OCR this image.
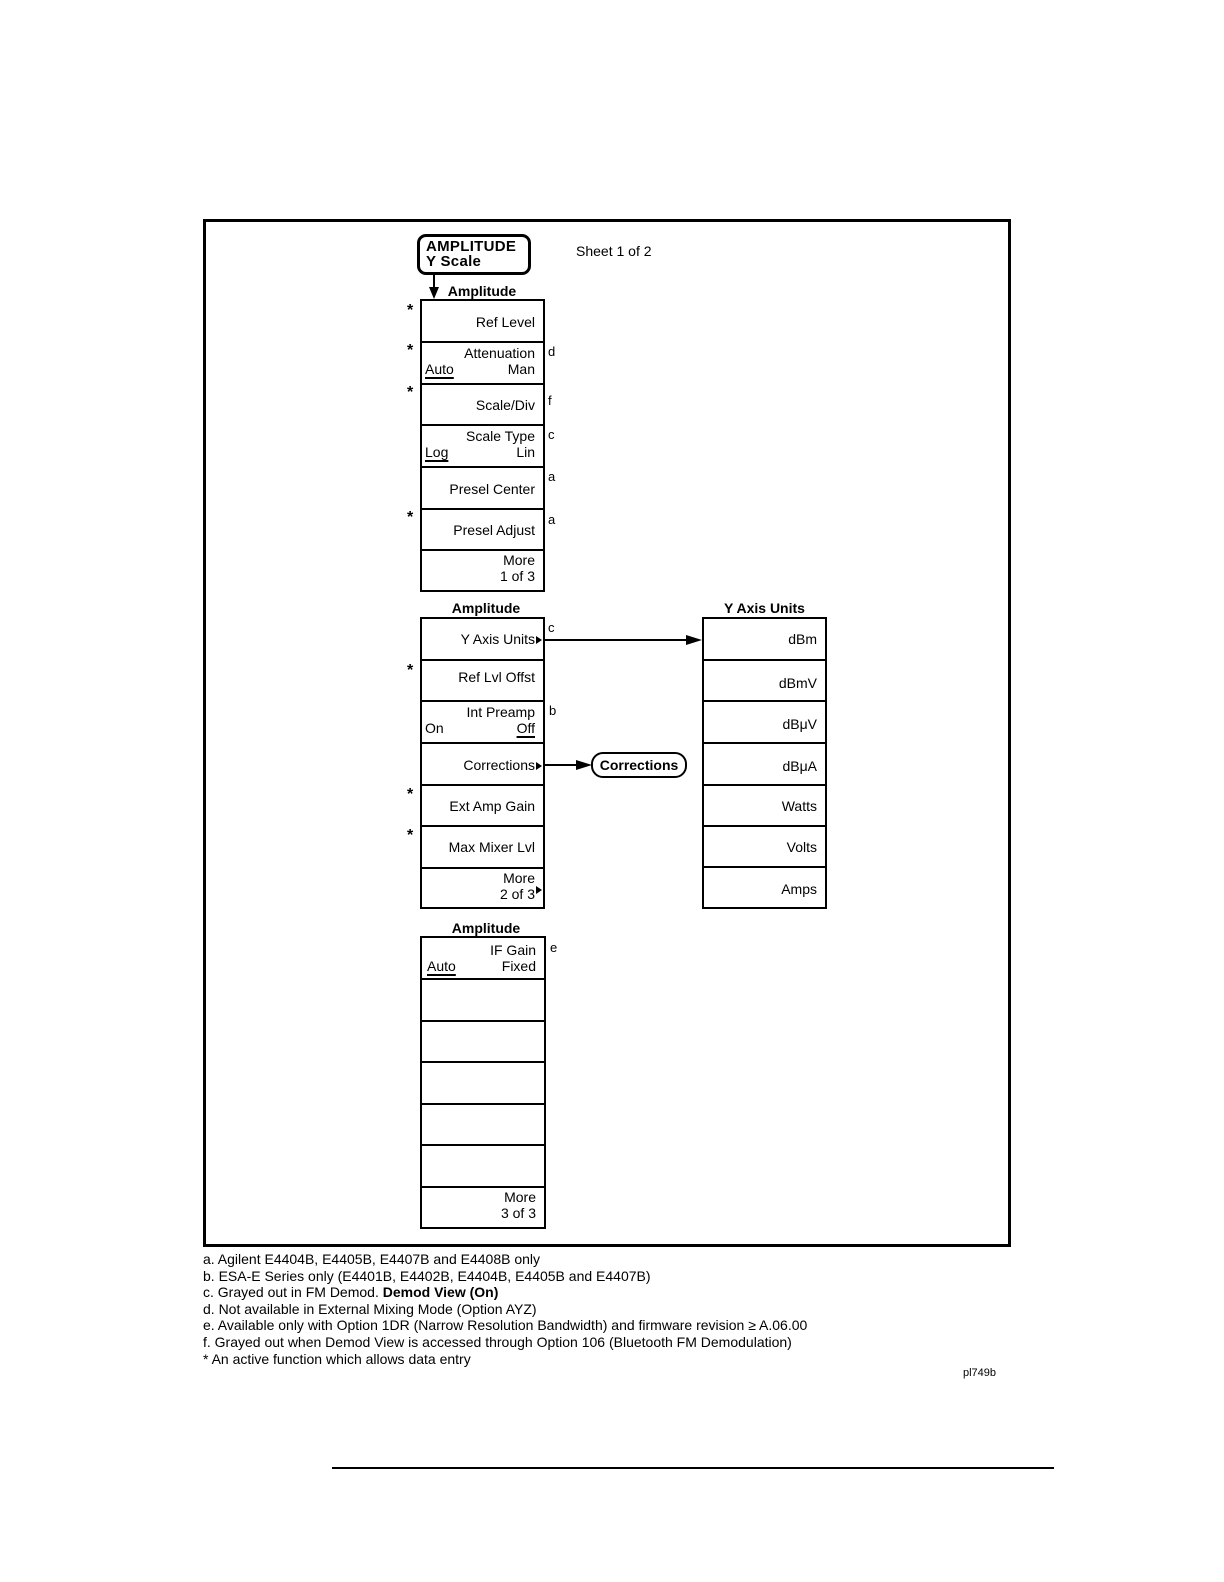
AMPLITUDE
Y Scale
Sheet 1 of 2
Amplitude
Ref Level
Attenuation
Auto	Man
Scale/Div
Scale Type
Log	Lin
Presel Center
Presel Adjust
More
1 of 3
*
*
*
*
d
f
c
a
a
Amplitude
Y Axis Units
Ref Lvl Offst
Int Preamp
On	Off
Corrections
Ext Amp Gain
Max Mixer Lvl
More
2 of 3
*
*
*
c
b
Corrections
Amplitude
IF Gain
Auto	Fixed
More
3 of 3
e
Y Axis Units
dBm
dBmV
dBμV
dBμA
Watts
Volts
Amps
a. Agilent E4404B, E4405B, E4407B and E4408B only
b. ESA-E Series only (E4401B, E4402B, E4404B, E4405B and E4407B)
c. Grayed out in FM Demod. Demod View (On)
d. Not available in External Mixing Mode (Option AYZ)
e. Available only with Option 1DR (Narrow Resolution Bandwidth) and firmware revision ≥ A.06.00
f. Grayed out when Demod View is accessed through Option 106 (Bluetooth FM Demodulation)
* An active function which allows data entry
pl749b
